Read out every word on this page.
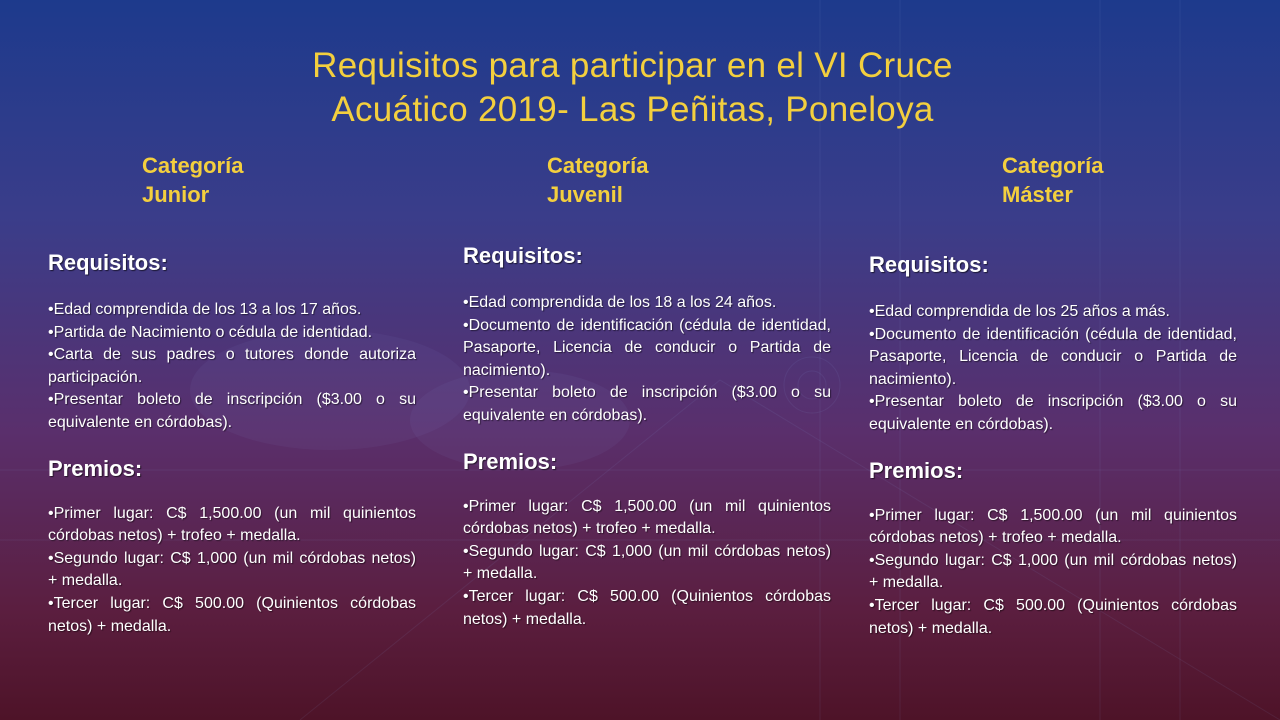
Requisitos para participar en el VI Cruce
Acuático 2019- Las Peñitas, Poneloya
Categoría
Junior
Categoría
Juvenil
Categoría
Máster
Requisitos:
•Edad comprendida de los 13 a los 17 años.
•Partida de Nacimiento o cédula de identidad.
•Carta de sus padres o tutores donde autoriza participación.
•Presentar boleto de inscripción ($3.00 o su equivalente en córdobas).
Premios:
•Primer lugar: C$ 1,500.00 (un mil quinientos córdobas netos) + trofeo + medalla.
•Segundo lugar: C$ 1,000 (un mil córdobas netos) + medalla.
•Tercer lugar: C$ 500.00 (Quinientos córdobas netos) + medalla.
Requisitos:
•Edad comprendida de los 18 a los 24 años.
•Documento de identificación (cédula de identidad, Pasaporte, Licencia de conducir o Partida de nacimiento).
•Presentar boleto de inscripción ($3.00 o su equivalente en córdobas).
Premios:
•Primer lugar: C$ 1,500.00 (un mil quinientos córdobas netos) + trofeo + medalla.
•Segundo lugar: C$ 1,000 (un mil córdobas netos) + medalla.
•Tercer lugar: C$ 500.00 (Quinientos córdobas netos) + medalla.
Requisitos:
•Edad comprendida de los 25 años a más.
•Documento de identificación (cédula de identidad, Pasaporte, Licencia de conducir o Partida de nacimiento).
•Presentar boleto de inscripción ($3.00 o su equivalente en córdobas).
Premios:
•Primer lugar: C$ 1,500.00 (un mil quinientos córdobas netos) + trofeo + medalla.
•Segundo lugar: C$ 1,000 (un mil córdobas netos) + medalla.
•Tercer lugar: C$ 500.00 (Quinientos córdobas netos) + medalla.
